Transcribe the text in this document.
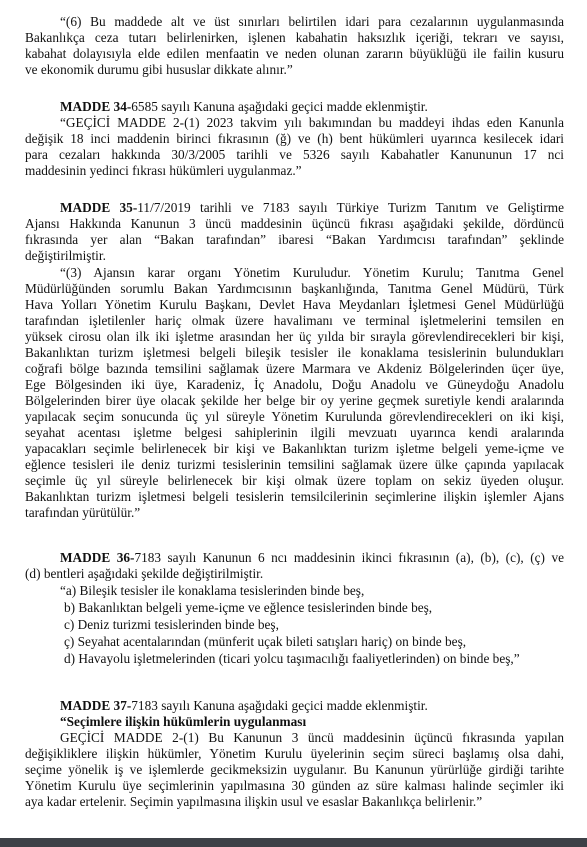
“(6) Bu maddede alt ve üst sınırları belirtilen idari para cezalarının uygulanmasında
Bakanlıkça ceza tutarı belirlenirken, işlenen kabahatin haksızlık içeriği, tekrarı ve sayısı,
kabahat dolayısıyla elde edilen menfaatin ve neden olunan zararın büyüklüğü ile failin kusuru
ve ekonomik durumu gibi hususlar dikkate alınır.”
MADDE 34-6585 sayılı Kanuna aşağıdaki geçici madde eklenmiştir.
“GEÇİCİ MADDE 2-(1) 2023 takvim yılı bakımından bu maddeyi ihdas eden Kanunla
değişik 18 inci maddenin birinci fıkrasının (ğ) ve (h) bent hükümleri uyarınca kesilecek idari
para cezaları hakkında 30/3/2005 tarihli ve 5326 sayılı Kabahatler Kanununun 17 nci
maddesinin yedinci fıkrası hükümleri uygulanmaz.”
MADDE 35-11/7/2019 tarihli ve 7183 sayılı Türkiye Turizm Tanıtım ve Geliştirme
Ajansı Hakkında Kanunun 3 üncü maddesinin üçüncü fıkrası aşağıdaki şekilde, dördüncü
fıkrasında yer alan “Bakan tarafından” ibaresi “Bakan Yardımcısı tarafından” şeklinde
değiştirilmiştir.
“(3) Ajansın karar organı Yönetim Kuruludur. Yönetim Kurulu; Tanıtma Genel
Müdürlüğünden sorumlu Bakan Yardımcısının başkanlığında, Tanıtma Genel Müdürü, Türk
Hava Yolları Yönetim Kurulu Başkanı, Devlet Hava Meydanları İşletmesi Genel Müdürlüğü
tarafından işletilenler hariç olmak üzere havalimanı ve terminal işletmelerini temsilen en
yüksek cirosu olan ilk iki işletme arasından her üç yılda bir sırayla görevlendirecekleri bir kişi,
Bakanlıktan turizm işletmesi belgeli bileşik tesisler ile konaklama tesislerinin bulundukları
coğrafi bölge bazında temsilini sağlamak üzere Marmara ve Akdeniz Bölgelerinden üçer üye,
Ege Bölgesinden iki üye, Karadeniz, İç Anadolu, Doğu Anadolu ve Güneydoğu Anadolu
Bölgelerinden birer üye olacak şekilde her belge bir oy yerine geçmek suretiyle kendi aralarında
yapılacak seçim sonucunda üç yıl süreyle Yönetim Kurulunda görevlendirecekleri on iki kişi,
seyahat acentası işletme belgesi sahiplerinin ilgili mevzuatı uyarınca kendi aralarında
yapacakları seçimle belirlenecek bir kişi ve Bakanlıktan turizm işletme belgeli yeme-içme ve
eğlence tesisleri ile deniz turizmi tesislerinin temsilini sağlamak üzere ülke çapında yapılacak
seçimle üç yıl süreyle belirlenecek bir kişi olmak üzere toplam on sekiz üyeden oluşur.
Bakanlıktan turizm işletmesi belgeli tesislerin temsilcilerinin seçimlerine ilişkin işlemler Ajans
tarafından yürütülür.”
MADDE 36-7183 sayılı Kanunun 6 ncı maddesinin ikinci fıkrasının (a), (b), (c), (ç) ve
(d) bentleri aşağıdaki şekilde değiştirilmiştir.
“a) Bileşik tesisler ile konaklama tesislerinden binde beş,
b) Bakanlıktan belgeli yeme-içme ve eğlence tesislerinden binde beş,
c) Deniz turizmi tesislerinden binde beş,
ç) Seyahat acentalarından (münferit uçak bileti satışları hariç) on binde beş,
d) Havayolu işletmelerinden (ticari yolcu taşımacılığı faaliyetlerinden) on binde beş,”
MADDE 37-7183 sayılı Kanuna aşağıdaki geçici madde eklenmiştir.
“Seçimlere ilişkin hükümlerin uygulanması
GEÇİCİ MADDE 2-(1) Bu Kanunun 3 üncü maddesinin üçüncü fıkrasında yapılan
değişikliklere ilişkin hükümler, Yönetim Kurulu üyelerinin seçim süreci başlamış olsa dahi,
seçime yönelik iş ve işlemlerde gecikmeksizin uygulanır. Bu Kanunun yürürlüğe girdiği tarihte
Yönetim Kurulu üye seçimlerinin yapılmasına 30 günden az süre kalması halinde seçimler iki
aya kadar ertelenir. Seçimin yapılmasına ilişkin usul ve esaslar Bakanlıkça belirlenir.”
